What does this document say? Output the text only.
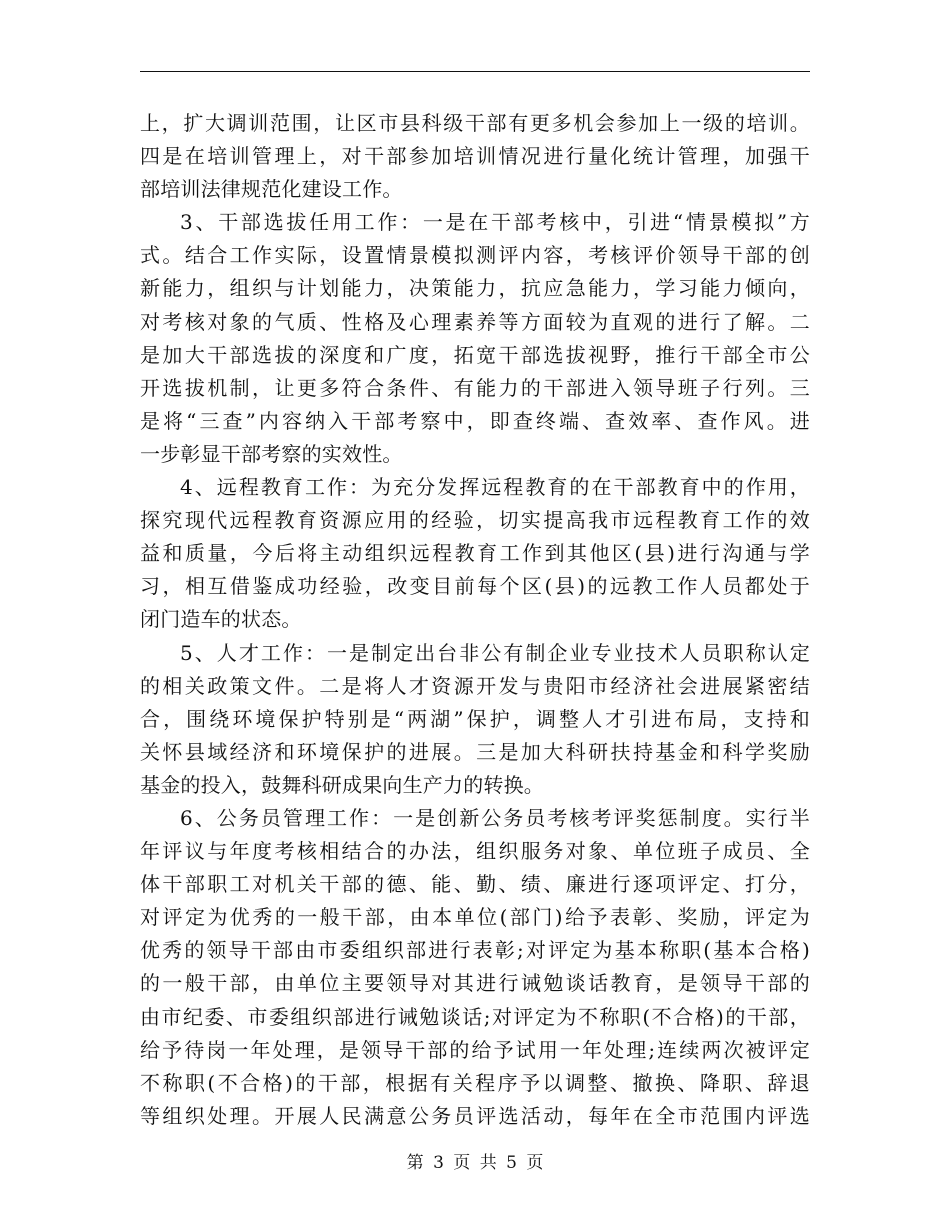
上，扩大调训范围，让区市县科级干部有更多机会参加上一级的培训。
四是在培训管理上，对干部参加培训情况进行量化统计管理，加强干
部培训法律规范化建设工作。
3、干部选拔任用工作：一是在干部考核中，引进“情景模拟”方
式。结合工作实际，设置情景模拟测评内容，考核评价领导干部的创
新能力，组织与计划能力，决策能力，抗应急能力，学习能力倾向，
对考核对象的气质、性格及心理素养等方面较为直观的进行了解。二
是加大干部选拔的深度和广度，拓宽干部选拔视野，推行干部全市公
开选拔机制，让更多符合条件、有能力的干部进入领导班子行列。三
是将“三查”内容纳入干部考察中，即查终端、查效率、查作风。进
一步彰显干部考察的实效性。
4、远程教育工作：为充分发挥远程教育的在干部教育中的作用，
探究现代远程教育资源应用的经验，切实提高我市远程教育工作的效
益和质量，今后将主动组织远程教育工作到其他区(县)进行沟通与学
习，相互借鉴成功经验，改变目前每个区(县)的远教工作人员都处于
闭门造车的状态。
5、人才工作：一是制定出台非公有制企业专业技术人员职称认定
的相关政策文件。二是将人才资源开发与贵阳市经济社会进展紧密结
合，围绕环境保护特别是“两湖”保护，调整人才引进布局，支持和
关怀县域经济和环境保护的进展。三是加大科研扶持基金和科学奖励
基金的投入，鼓舞科研成果向生产力的转换。
6、公务员管理工作：一是创新公务员考核考评奖惩制度。实行半
年评议与年度考核相结合的办法，组织服务对象、单位班子成员、全
体干部职工对机关干部的德、能、勤、绩、廉进行逐项评定、打分，
对评定为优秀的一般干部，由本单位(部门)给予表彰、奖励，评定为
优秀的领导干部由市委组织部进行表彰;对评定为基本称职(基本合格)
的一般干部，由单位主要领导对其进行诫勉谈话教育，是领导干部的
由市纪委、市委组织部进行诫勉谈话;对评定为不称职(不合格)的干部，
给予待岗一年处理，是领导干部的给予试用一年处理;连续两次被评定
不称职(不合格)的干部，根据有关程序予以调整、撤换、降职、辞退
等组织处理。开展人民满意公务员评选活动，每年在全市范围内评选
第 3 页 共 5 页
